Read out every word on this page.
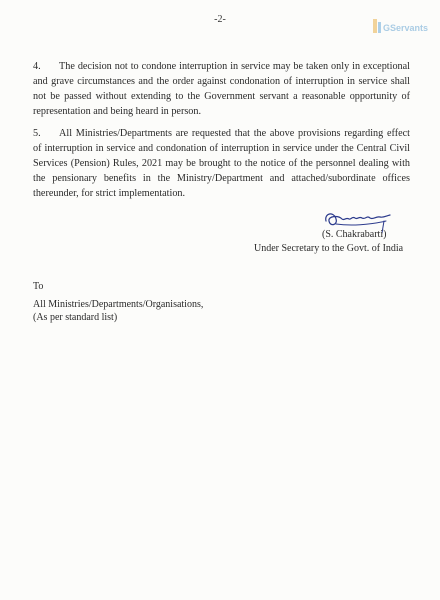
-2-
GServants

4. The decision not to condone interruption in service may be taken only in exceptional and grave circumstances and the order against condonation of interruption in service shall not be passed without extending to the Government servant a reasonable opportunity of representation and being heard in person.

5. All Ministries/Departments are requested that the above provisions regarding effect of interruption in service and condonation of interruption in service under the Central Civil Services (Pension) Rules, 2021 may be brought to the notice of the personnel dealing with the pensionary benefits in the Ministry/Department and attached/subordinate offices thereunder, for strict implementation.

(S. Chakrabarti)
Under Secretary to the Govt. of India
To
All Ministries/Departments/Organisations,
(As per standard list)
